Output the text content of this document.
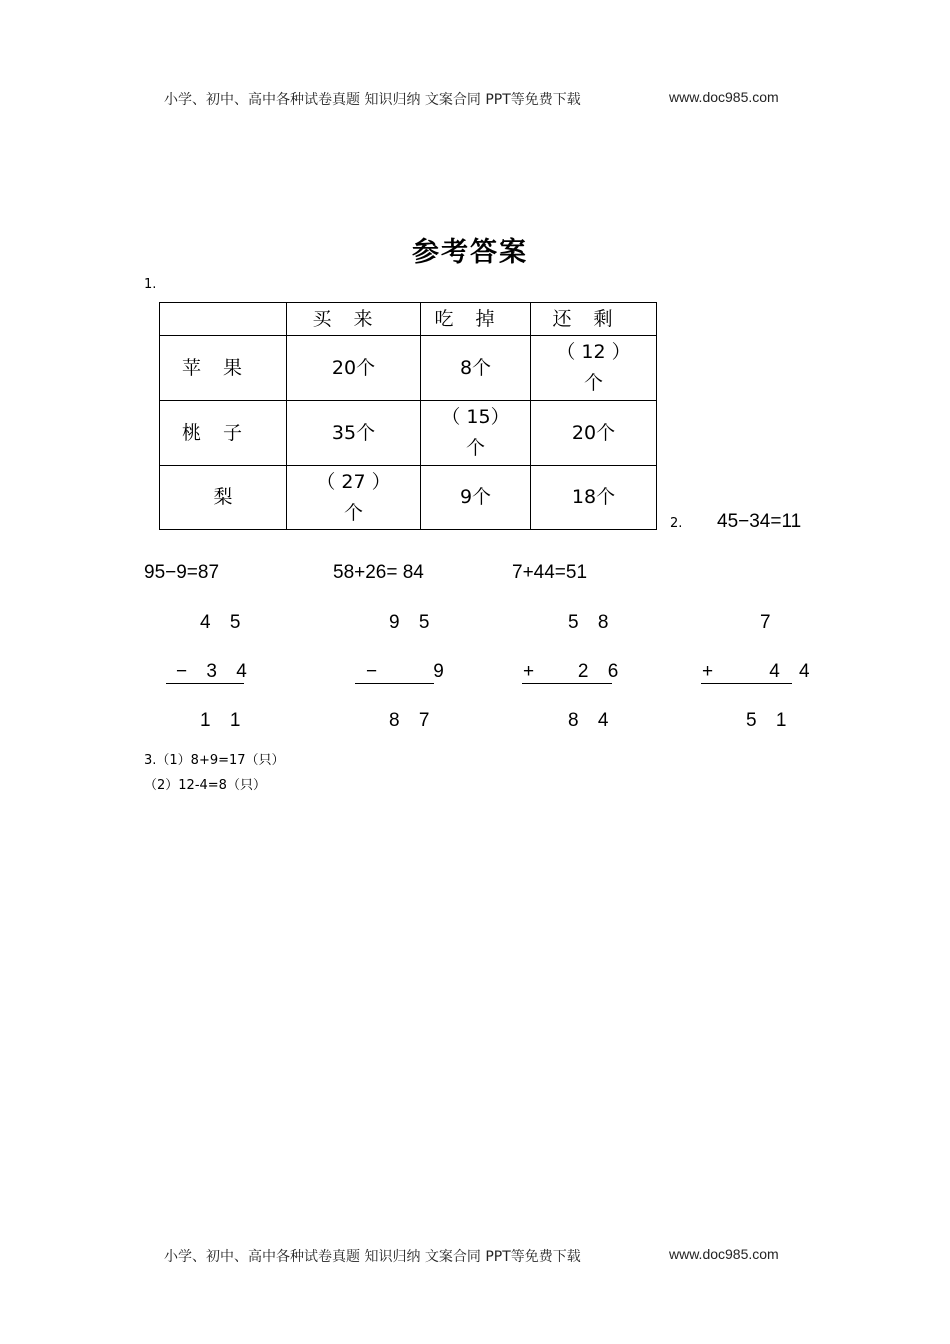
小学、初中、高中各种试卷真题 知识归纳 文案合同 PPT等免费下载	www.doc985.com
参考答案
1.
	买来	吃掉	还剩
苹果	20个	8个	（ 12 ）
个

桃子	35个	（ 15）
个	20个
梨	（ 27 ）
个	9个	18个
2. 45−34=11
95−9=87	58+26= 84	7+44=51
4 5
− 3 4
1 1
9 5
−    9
8 7
5 8
+   2 6
8 4
7
+    4 4
5 1
3.（1）8+9=17（只）
（2）12-4=8（只）
小学、初中、高中各种试卷真题 知识归纳 文案合同 PPT等免费下载	www.doc985.com
